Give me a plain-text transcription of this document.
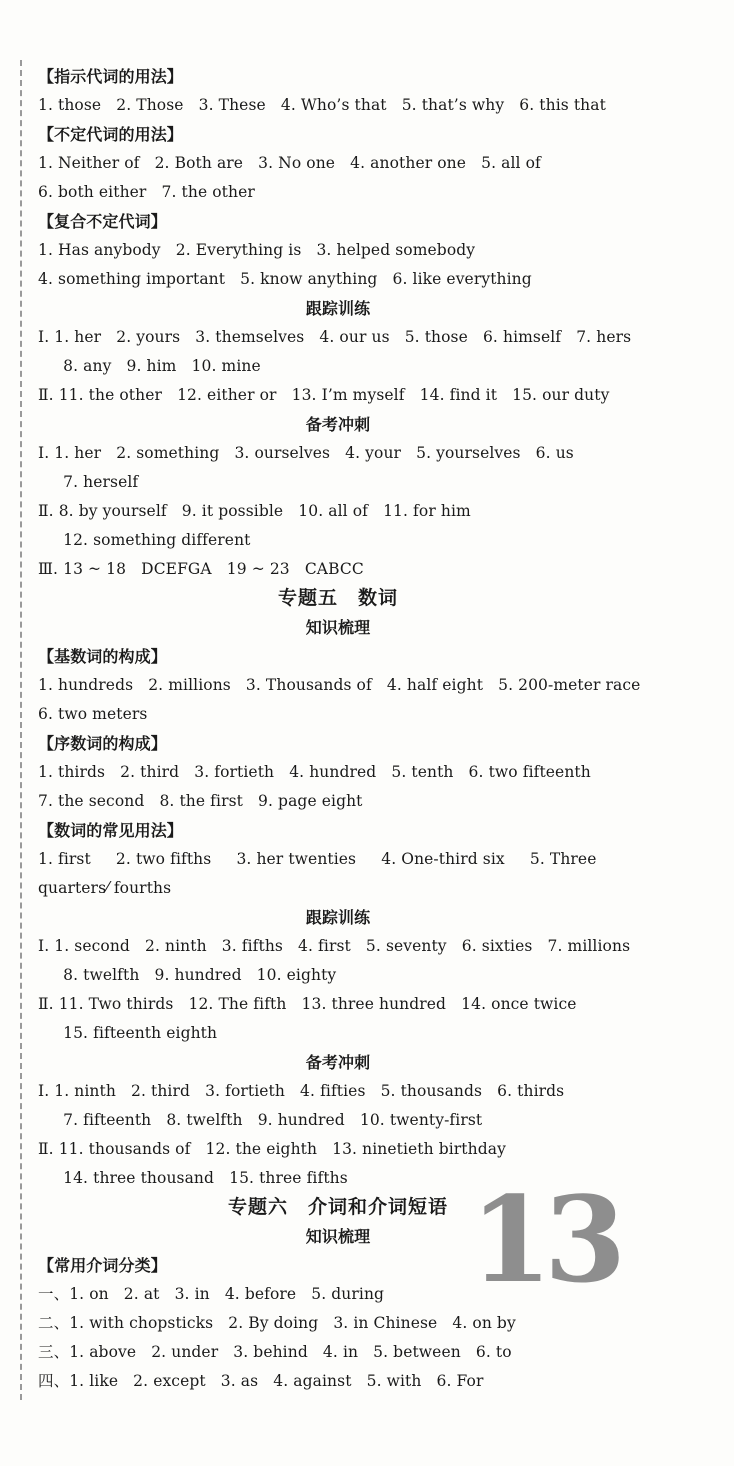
【指示代词的用法】
1. those   2. Those   3. These   4. Who’s that   5. that’s why   6. this that
【不定代词的用法】
1. Neither of   2. Both are   3. No one   4. another one   5. all of
6. both either   7. the other
【复合不定代词】
1. Has anybody   2. Everything is   3. helped somebody
4. something important   5. know anything   6. like everything
跟踪训练
Ⅰ. 1. her   2. yours   3. themselves   4. our us   5. those   6. himself   7. hers
8. any   9. him   10. mine
Ⅱ. 11. the other   12. either or   13. I’m myself   14. find it   15. our duty
备考冲刺
Ⅰ. 1. her   2. something   3. ourselves   4. your   5. yourselves   6. us
7. herself
Ⅱ. 8. by yourself   9. it possible   10. all of   11. for him
12. something different
Ⅲ. 13 ~ 18   DCEFGA   19 ~ 23   CABCC
专题五　数词
知识梳理
【基数词的构成】
1. hundreds   2. millions   3. Thousands of   4. half eight   5. 200-meter race
6. two meters
【序数词的构成】
1. thirds   2. third   3. fortieth   4. hundred   5. tenth   6. two fifteenth
7. the second   8. the first   9. page eight
【数词的常见用法】
1. first     2. two fifths     3. her twenties     4. One-third six     5. Three
quarters⁄ fourths
跟踪训练
Ⅰ. 1. second   2. ninth   3. fifths   4. first   5. seventy   6. sixties   7. millions
8. twelfth   9. hundred   10. eighty
Ⅱ. 11. Two thirds   12. The fifth   13. three hundred   14. once twice
15. fifteenth eighth
备考冲刺
Ⅰ. 1. ninth   2. third   3. fortieth   4. fifties   5. thousands   6. thirds
7. fifteenth   8. twelfth   9. hundred   10. twenty-first
Ⅱ. 11. thousands of   12. the eighth   13. ninetieth birthday
14. three thousand   15. three fifths
专题六　介词和介词短语
知识梳理
【常用介词分类】
一、1. on   2. at   3. in   4. before   5. during
二、1. with chopsticks   2. By doing   3. in Chinese   4. on by
三、1. above   2. under   3. behind   4. in   5. between   6. to
四、1. like   2. except   3. as   4. against   5. with   6. For
13
